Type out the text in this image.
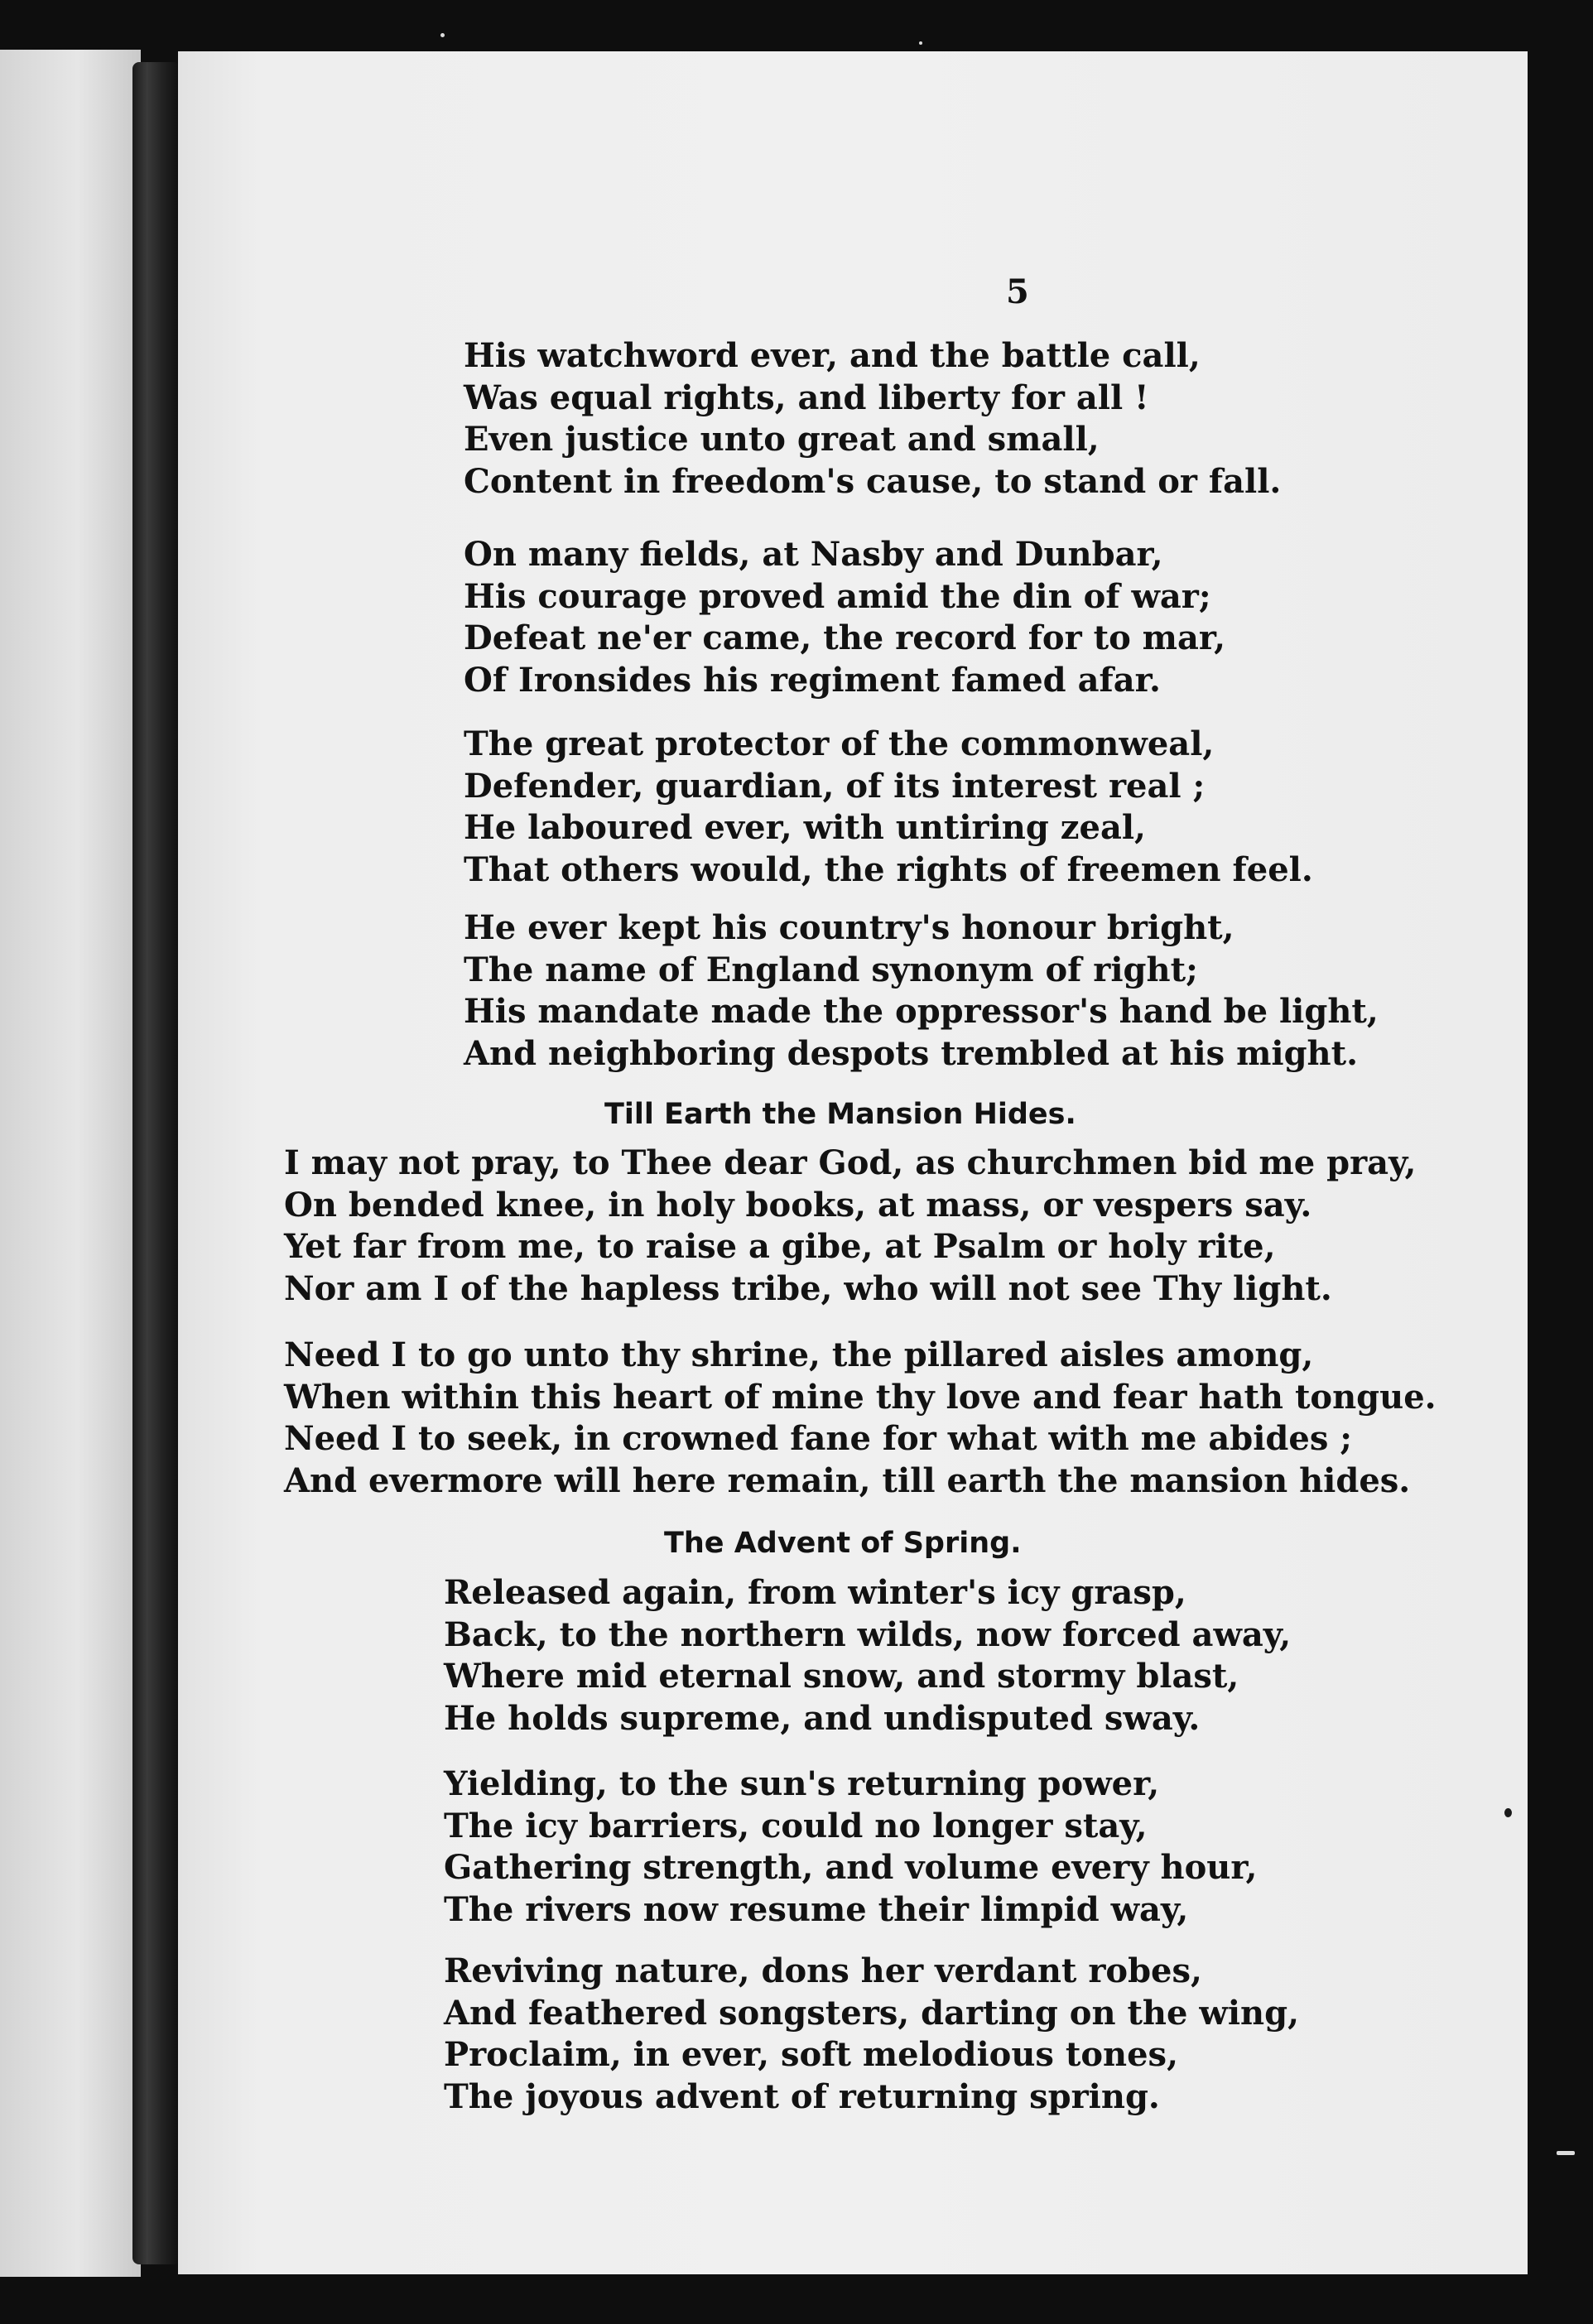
5
His watchword ever, and the battle call,
Was equal rights, and liberty for all !
Even justice unto great and small,
Content in freedom's cause, to stand or fall.
On many fields, at Nasby and Dunbar,
His courage proved amid the din of war;
Defeat ne'er came, the record for to mar,
Of Ironsides his regiment famed afar.
The great protector of the commonweal,
Defender, guardian, of its interest real ;
He laboured ever, with untiring zeal,
That others would, the rights of freemen feel.
He ever kept his country's honour bright,
The name of England synonym of right;
His mandate made the oppressor's hand be light,
And neighboring despots trembled at his might.
Till Earth the Mansion Hides.
I may not pray, to Thee dear God, as churchmen bid me pray,
On bended knee, in holy books, at mass, or vespers say.
Yet far from me, to raise a gibe, at Psalm or holy rite,
Nor am I of the hapless tribe, who will not see Thy light.
Need I to go unto thy shrine, the pillared aisles among,
When within this heart of mine thy love and fear hath tongue.
Need I to seek, in crowned fane for what with me abides ;
And evermore will here remain, till earth the mansion hides.
The Advent of Spring.
Released again, from winter's icy grasp,
Back, to the northern wilds, now forced away,
Where mid eternal snow, and stormy blast,
He holds supreme, and undisputed sway.
Yielding, to the sun's returning power,
The icy barriers, could no longer stay,
Gathering strength, and volume every hour,
The rivers now resume their limpid way,
Reviving nature, dons her verdant robes,
And feathered songsters, darting on the wing,
Proclaim, in ever, soft melodious tones,
The joyous advent of returning spring.
